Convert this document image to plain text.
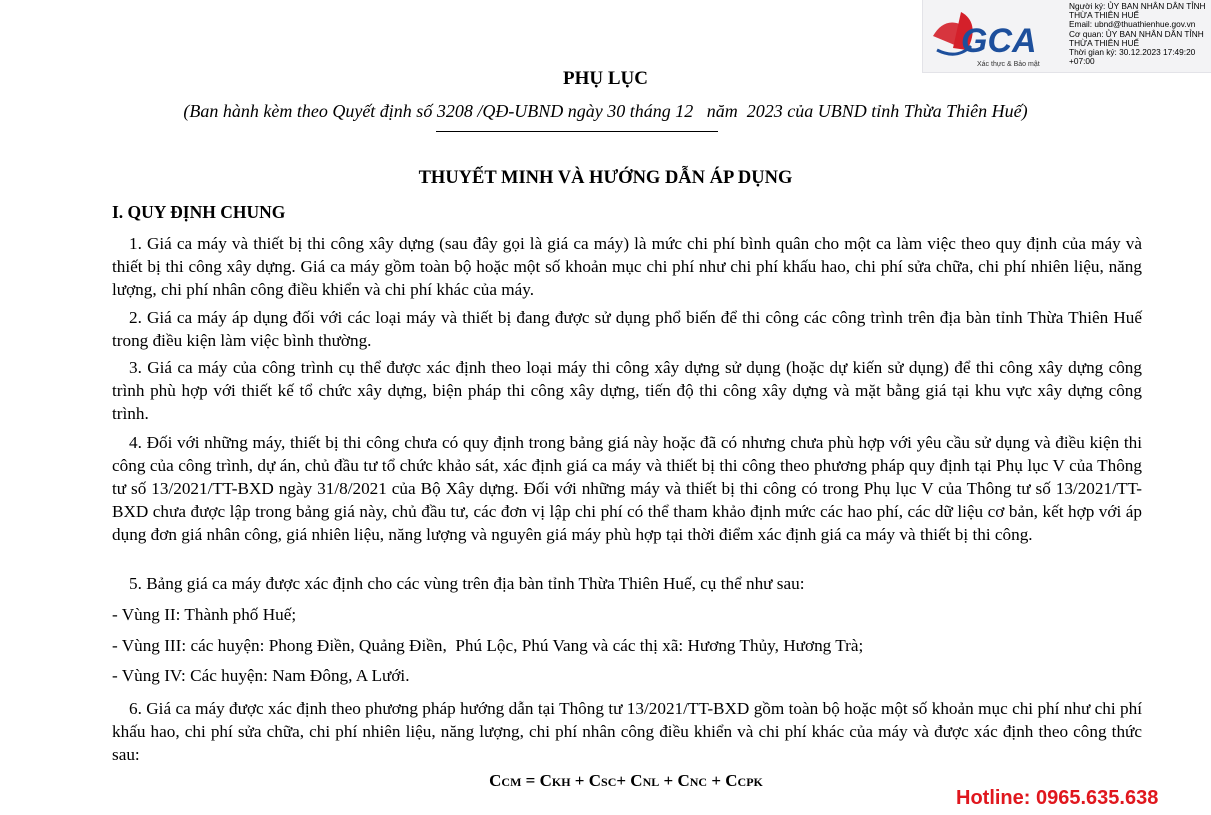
GCA
Xác thực & Bảo mật
Người ký: ỦY BAN NHÂN DÂN TỈNH THỪA THIÊN HUẾ
Email: ubnd@thuathienhue.gov.vn
Cơ quan: ỦY BAN NHÂN DÂN TỈNH THỪA THIÊN HUẾ
Thời gian ký: 30.12.2023 17:49:20 +07:00
PHỤ LỤC
(Ban hành kèm theo Quyết định số 3208 /QĐ-UBND ngày 30 tháng 12   năm  2023 của UBND tỉnh Thừa Thiên Huế)
THUYẾT MINH VÀ HƯỚNG DẪN ÁP DỤNG
I. QUY ĐỊNH CHUNG
1. Giá ca máy và thiết bị thi công xây dựng (sau đây gọi là giá ca máy) là mức chi phí bình quân cho một ca làm việc theo quy định của máy và thiết bị thi công xây dựng. Giá ca máy gồm toàn bộ hoặc một số khoản mục chi phí như chi phí khấu hao, chi phí sửa chữa, chi phí nhiên liệu, năng lượng, chi phí nhân công điều khiển và chi phí khác của máy.
2. Giá ca máy áp dụng đối với các loại máy và thiết bị đang được sử dụng phổ biến để thi công các công trình trên địa bàn tỉnh Thừa Thiên Huế trong điều kiện làm việc bình thường.
3. Giá ca máy của công trình cụ thể được xác định theo loại máy thi công xây dựng sử dụng (hoặc dự kiến sử dụng) để thi công xây dựng công trình phù hợp với thiết kế tổ chức xây dựng, biện pháp thi công xây dựng, tiến độ thi công xây dựng và mặt bằng giá tại khu vực xây dựng công trình.
4. Đối với những máy, thiết bị thi công chưa có quy định trong bảng giá này hoặc đã có nhưng chưa phù hợp với yêu cầu sử dụng và điều kiện thi công của công trình, dự án, chủ đầu tư tổ chức khảo sát, xác định giá ca máy và thiết bị thi công theo phương pháp quy định tại Phụ lục V của Thông tư số 13/2021/TT-BXD ngày 31/8/2021 của Bộ Xây dựng. Đối với những máy và thiết bị thi công có trong Phụ lục V của Thông tư số 13/2021/TT-BXD chưa được lập trong bảng giá này, chủ đầu tư, các đơn vị lập chi phí có thể tham khảo định mức các hao phí, các dữ liệu cơ bản, kết hợp với áp dụng đơn giá nhân công, giá nhiên liệu, năng lượng và nguyên giá máy phù hợp tại thời điểm xác định giá ca máy và thiết bị thi công.
5. Bảng giá ca máy được xác định cho các vùng trên địa bàn tỉnh Thừa Thiên Huế, cụ thể như sau:
- Vùng II: Thành phố Huế;
- Vùng III: các huyện: Phong Điền, Quảng Điền,  Phú Lộc, Phú Vang và các thị xã: Hương Thủy, Hương Trà;
- Vùng IV: Các huyện: Nam Đông, A Lưới.
6. Giá ca máy được xác định theo phương pháp hướng dẫn tại Thông tư 13/2021/TT-BXD gồm toàn bộ hoặc một số khoản mục chi phí như chi phí khấu hao, chi phí sửa chữa, chi phí nhiên liệu, năng lượng, chi phí nhân công điều khiển và chi phí khác của máy và được xác định theo công thức sau:
CCM = CKH + CSC+ CNL + CNC + CCPK
Hotline: 0965.635.638
